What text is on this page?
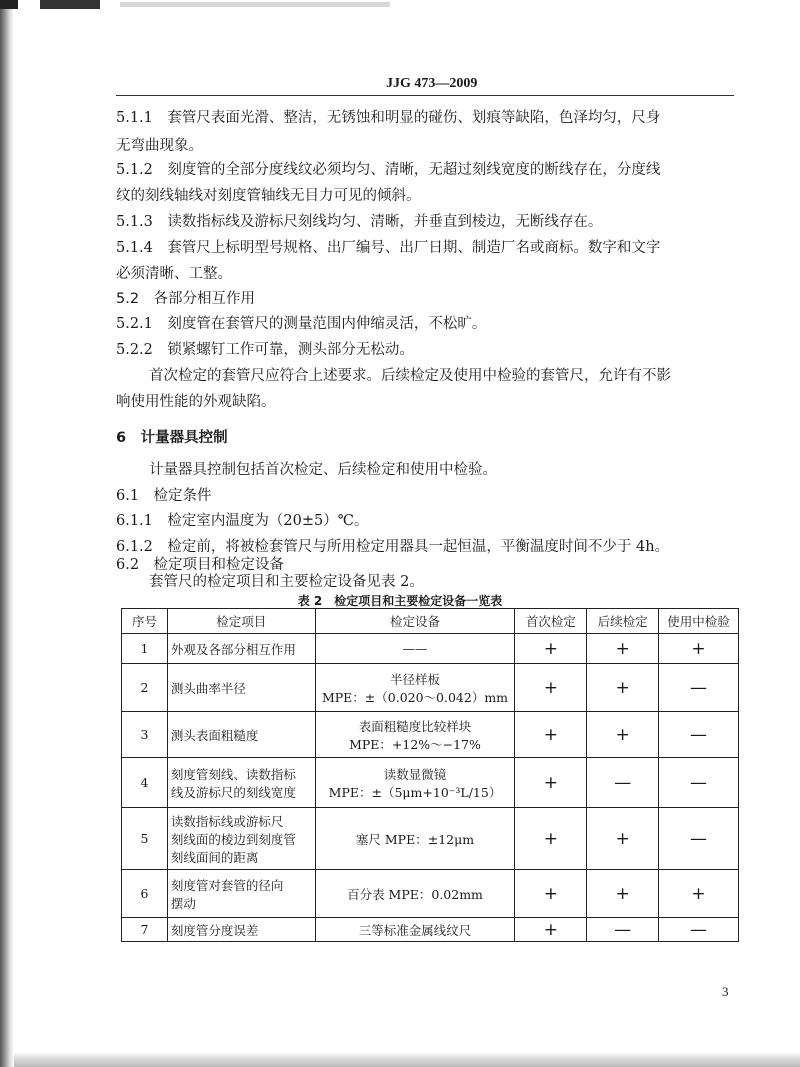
JJG 473—2009
5.1.1　套管尺表面光滑、整洁，无锈蚀和明显的碰伤、划痕等缺陷，色泽均匀，尺身
无弯曲现象。
5.1.2　刻度管的全部分度线纹必须均匀、清晰，无超过刻线宽度的断线存在，分度线
纹的刻线轴线对刻度管轴线无目力可见的倾斜。
5.1.3　读数指标线及游标尺刻线均匀、清晰，并垂直到棱边，无断线存在。
5.1.4　套管尺上标明型号规格、出厂编号、出厂日期、制造厂名或商标。数字和文字
必须清晰、工整。
5.2　各部分相互作用
5.2.1　刻度管在套管尺的测量范围内伸缩灵活，不松旷。
5.2.2　锁紧螺钉工作可靠，测头部分无松动。
首次检定的套管尺应符合上述要求。后续检定及使用中检验的套管尺，允许有不影
响使用性能的外观缺陷。
6　计量器具控制
计量器具控制包括首次检定、后续检定和使用中检验。
6.1　检定条件
6.1.1　检定室内温度为（20±5）℃。
6.1.2　检定前，将被检套管尺与所用检定用器具一起恒温，平衡温度时间不少于 4h。
6.2　检定项目和检定设备
套管尺的检定项目和主要检定设备见表 2。
表 2　检定项目和主要检定设备一览表
序号	检定项目	检定设备	首次检定	后续检定	使用中检验
1	外观及各部分相互作用	——	+	+	+
2	测头曲率半径	半径样板
MPE：±（0.020～0.042）mm	+	+	—
3	测头表面粗糙度	表面粗糙度比较样块
MPE：+12%～−17%	+	+	—
4	刻度管刻线、读数指标
线及游标尺的刻线宽度	读数显微镜
MPE：±（5μm+10⁻³L/15）	+	—	—
5	读数指标线或游标尺
刻线面的棱边到刻度管
刻线面间的距离	塞尺 MPE：±12μm	+	+	—
6	刻度管对套管的径向
摆动	百分表 MPE：0.02mm	+	+	+
7	刻度管分度误差	三等标准金属线纹尺	+	—	—
3
